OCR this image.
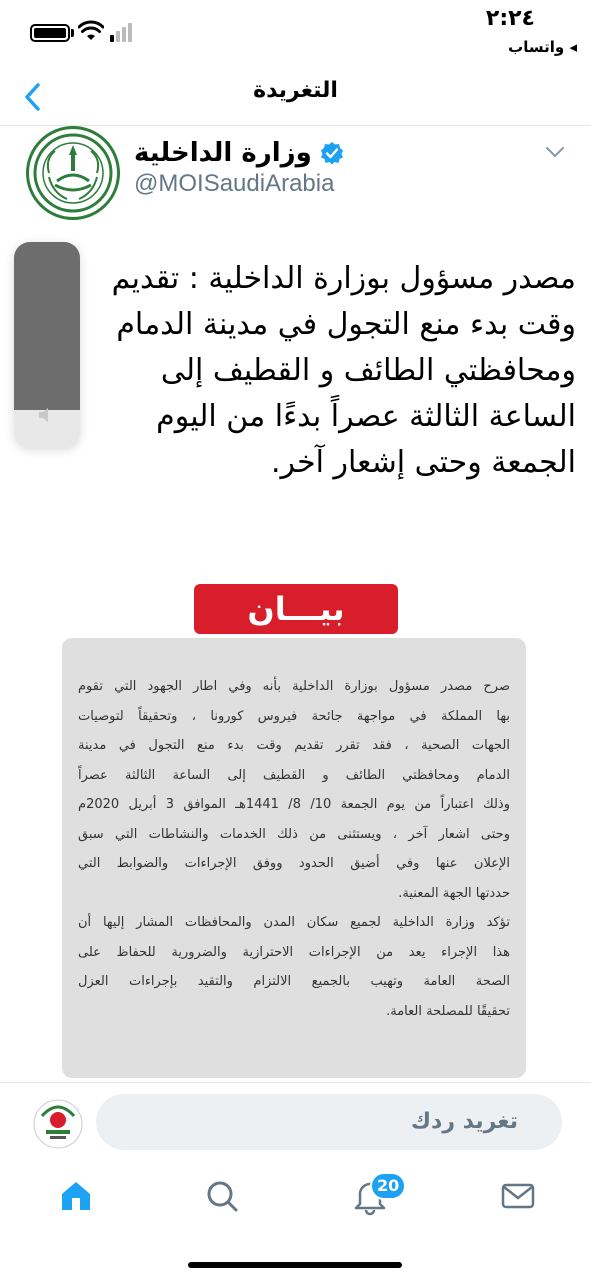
٢:٢٤
◂ واتساب
التغريدة
وزارة الداخلية
@MOISaudiArabia
مصدر مسؤول بوزارة الداخلية : تقديم
وقت بدء منع التجول في مدينة الدمام
ومحافظتي الطائف و القطيف إلى
الساعة الثالثة عصراً بدءًا من اليوم
الجمعة وحتى إشعار آخر.
بيـــان
صرح مصدر مسؤول بوزارة الداخلية بأنه وفي اطار الجهود التي تقوم
بها المملكة في مواجهة جائحة فيروس كورونا ، وتحقيقاً لتوصيات
الجهات الصحية ، فقد تقرر تقديم وقت بدء منع التجول في مدينة
الدمام ومحافظتي الطائف و القطيف إلى الساعة الثالثة عصراً
وذلك اعتباراً من يوم الجمعة 10/ 8/ 1441هـ الموافق 3 أبريل 2020م
وحتى اشعار آخر ، ويستثنى من ذلك الخدمات والنشاطات التي سبق
الإعلان عنها وفي أضيق الحدود ووفق الإجراءات والضوابط التي
حددتها الجهة المعنية.
تؤكد وزارة الداخلية لجميع سكان المدن والمحافظات المشار إليها أن
هذا الإجراء يعد من الإجراءات الاحترازية والضرورية للحفاظ على
الصحة العامة وتهيب بالجميع الالتزام والتقيد بإجراءات العزل
تحقيقًا للمصلحة العامة.
تغريد ردك
20
